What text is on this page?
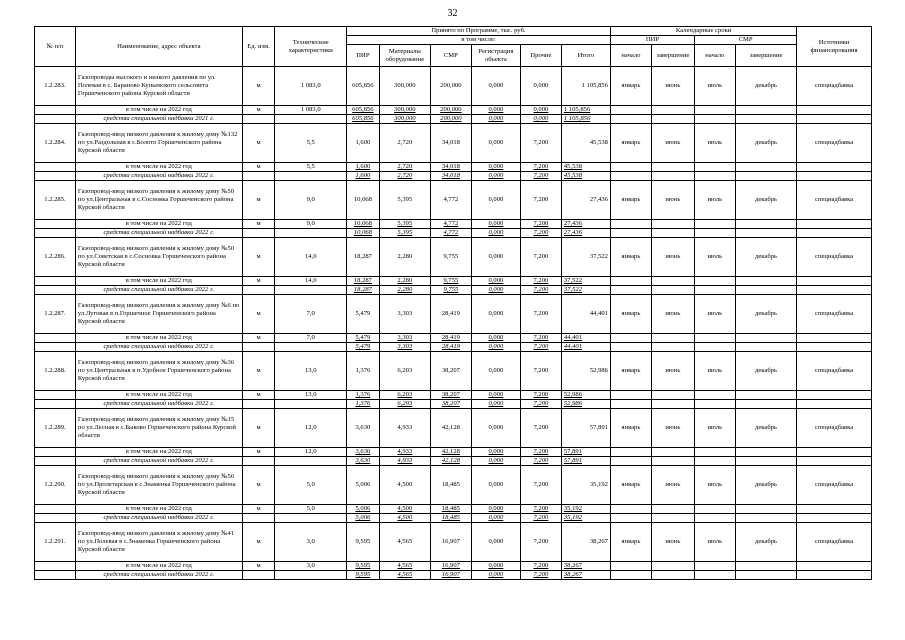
32
№ п/п	Наименование, адрес объекта	Ед. изм.	Технические характеристики	Принято по Программе, тыс. руб.						Календарные сроки				Источники финансирования
				в том числе:						ПИР		СМР		
				ПИР	Материалы оборудование	СМР	Регистрация объекта	Прочие	Итого	начало	завершение	начало	завершение	
1.2.283.	Газопроводы высокого и низкого давления по ул. Полевая в с. Бараново Куньевского сельсовета Горшеченского района Курской области	м	1 083,0	605,856	300,000	200,000	0,000	0,000	1 105,856	январь	июнь	июль	декабрь	спецнадбавка
	в том числе на 2022 год	м	1 083,0	605,856	300,000	200,000	0,000	0,000	1 105,856					
	средства специальной надбавки 2021 г.			605,856	300,000	200,000	0,000	0,000	1 105,856					
1.2.284.	Газопровод-ввод низкого давления к жилому дому №132 по ул.Раздольная в с.Болото Горшеченского района Курской области	м	5,5	1,600	2,720	34,018	0,000	7,200	45,538	январь	июнь	июль	декабрь	спецнадбавка
	в том числе на 2022 год	м	5,5	1,600	2,720	34,018	0,000	7,200	45,538					
	средства специальной надбавки 2022 г.			1,600	2,720	34,018	0,000	7,200	45,538					
1.2.285.	Газопровод-ввод низкого давления к жилому дому №50 по ул.Центральная в с.Сосновка Горшеченского района Курской области	м	9,0	10,068	5,395	4,772	0,000	7,200	27,436	январь	июнь	июль	декабрь	спецнадбавка
	в том числе на 2022 год	м	9,0	10,068	5,395	4,772	0,000	7,200	27,436					
	средства специальной надбавки 2022 г.			10,068	5,395	4,772	0,000	7,200	27,436					
1.2.286.	Газопровод-ввод низкого давления к жилому дому №50 по ул.Советская в с.Сосновка Горшеченского района Курской области	м	14,0	18,287	2,280	9,755	0,000	7,200	37,522	январь	июнь	июль	декабрь	спецнадбавка
	в том числе на 2022 год	м	14,0	18,287	2,280	9,755	0,000	7,200	37,522					
	средства специальной надбавки 2022 г.			18,287	2,280	9,755	0,000	7,200	37,522					
1.2.287.	Газопровод-ввод низкого давления к жилому дому №6 по ул.Луговая в п.Горшечное Горшеченского района Курской области	м	7,0	5,479	3,303	28,419	0,000	7,200	44,401	январь	июнь	июль	декабрь	спецнадбавка
	в том числе на 2022 год	м	7,0	5,479	3,303	28,419	0,000	7,200	44,401					
	средства специальной надбавки 2022 г.			5,479	3,303	28,419	0,000	7,200	44,401					
1.2.288.	Газопровод-ввод низкого давления к жилому дому №36 по ул.Центральная в п.Удобное Горшеченского района Курской области	м	13,0	1,376	6,203	38,207	0,000	7,200	52,986	январь	июнь	июль	декабрь	спецнадбавка
	в том числе на 2022 год	м	13,0	1,376	6,203	38,207	0,000	7,200	52,986					
	средства специальной надбавки 2022 г.			1,376	6,203	38,207	0,000	7,200	52,986					
1.2.289.	Газопровод-ввод низкого давления к жилому дому №15 по ул.Лесная в с.Быково Горшеченского района Курской области	м	12,0	3,630	4,933	42,128	0,000	7,200	57,891	январь	июнь	июль	декабрь	спецнадбавка
	в том числе на 2022 год	м	12,0	3,630	4,933	42,128	0,000	7,200	57,891					
	средства специальной надбавки 2022 г.			3,630	4,933	42,128	0,000	7,200	57,891					
1.2.290.	Газопровод-ввод низкого давления к жилому дому №56 по ул.Пролетарская в с.Знаменка Горшеченского района Курской области	м	5,0	5,006	4,500	18,485	0,000	7,200	35,192	январь	июнь	июль	декабрь	спецнадбавка
	в том числе на 2022 год	м	5,0	5,006	4,500	18,485	0,000	7,200	35,192					
	средства специальной надбавки 2022 г.			5,006	4,500	18,485	0,000	7,200	35,192					
1.2.291.	Газопровод-ввод низкого давления к жилому дому №41 по ул.Полевая в с.Знаменка Горшеченского района Курской области	м	3,0	9,595	4,565	16,907	0,000	7,200	38,267	январь	июнь	июль	декабрь	спецнадбавка
	в том числе на 2022 год	м	3,0	9,595	4,565	16,907	0,000	7,200	38,267					
	средства специальной надбавки 2022 г.			9,595	4,565	16,907	0,000	7,200	38,267					
